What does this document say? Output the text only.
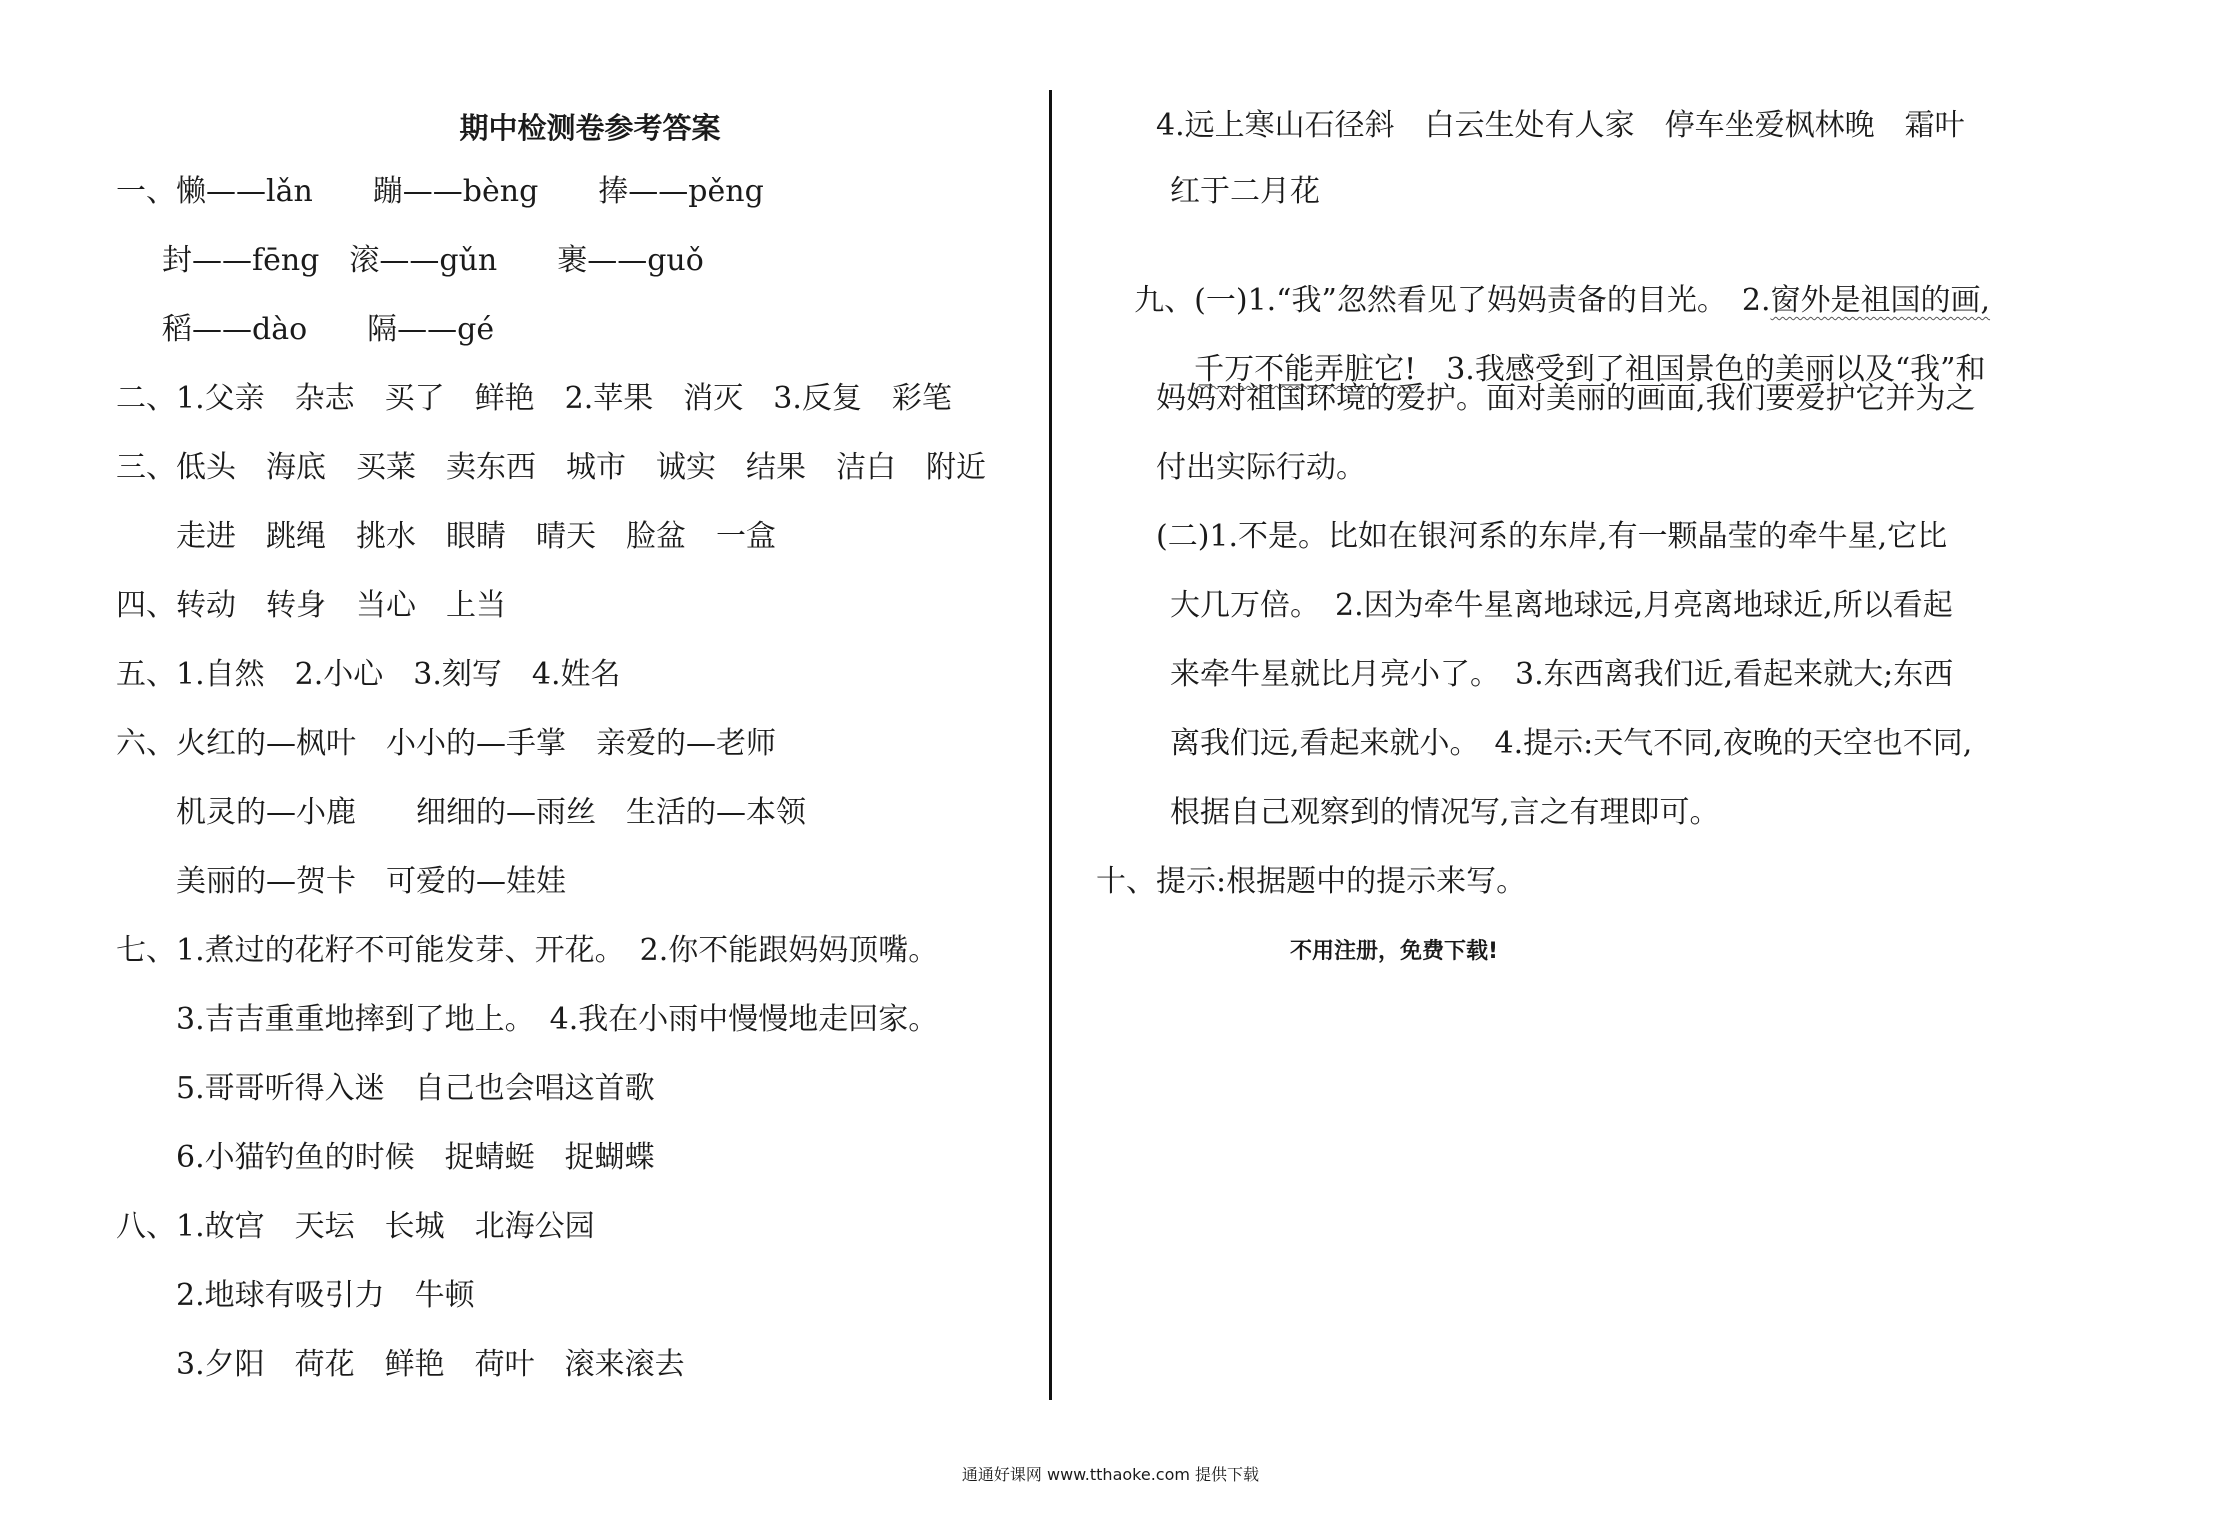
期中检测卷参考答案
一、懒——lǎn　　蹦——bèng　　捧——pěng
　封——fēng　滚——gǔn　　裹——guǒ
　稻——dào　　隔——gé
二、1.父亲　杂志　买了　鲜艳　2.苹果　消灭　3.反复　彩笔
三、低头　海底　买菜　卖东西　城市　诚实　结果　洁白　附近
　　走进　跳绳　挑水　眼睛　晴天　脸盆　一盒
四、转动　转身　当心　上当
五、1.自然　2.小心　3.刻写　4.姓名
六、火红的—枫叶　小小的—手掌　亲爱的—老师
　　机灵的—小鹿　　细细的—雨丝　生活的—本领
　　美丽的—贺卡　可爱的—娃娃
七、1.煮过的花籽不可能发芽、开花。　2.你不能跟妈妈顶嘴。
　　3.吉吉重重地摔到了地上。　4.我在小雨中慢慢地走回家。
　　5.哥哥听得入迷　自己也会唱这首歌
　　6.小猫钓鱼的时候　捉蜻蜓　捉蝴蝶
八、1.故宫　天坛　长城　北海公园
　　2.地球有吸引力　牛顿
　　3.夕阳　荷花　鲜艳　荷叶　滚来滚去
4.远上寒山石径斜　白云生处有人家　停车坐爱枫林晚　霜叶
红于二月花

九、(一)1.“我”忽然看见了妈妈责备的目光。　2.窗外是祖国的画,

千万不能弄脏它!　3.我感受到了祖国景色的美丽以及“我”和

妈妈对祖国环境的爱护。面对美丽的画面,我们要爱护它并为之
付出实际行动。
(二)1.不是。比如在银河系的东岸,有一颗晶莹的牵牛星,它比
大几万倍。　2.因为牵牛星离地球远,月亮离地球近,所以看起
来牵牛星就比月亮小了。　3.东西离我们近,看起来就大;东西
离我们远,看起来就小。　4.提示:天气不同,夜晚的天空也不同,
根据自己观察到的情况写,言之有理即可。
十、提示:根据题中的提示来写。
不用注册，免费下载!
通通好课网 www.tthaoke.com 提供下载
